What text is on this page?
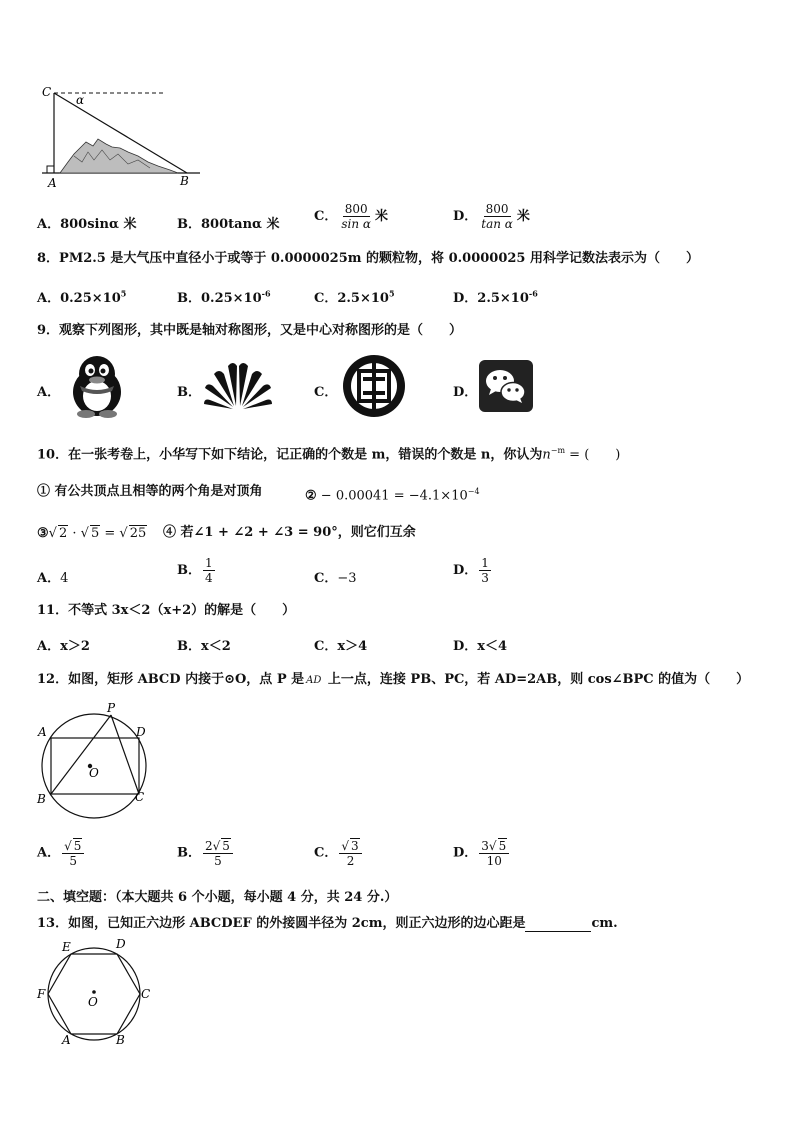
C
α
A	B
A．800sinα 米	B．800tanα 米
C． $\frac{800}{\text{sin α}}$ 米	D． $\frac{800}{\text{tan α}}$ 米
8．PM2.5 是大气压中直径小于或等于 0.0000025m 的颗粒物，将 0.0000025 用科学记数法表示为（　　）
A．$0.25\times 10^5$	B．$0.25\times 10^{-6}$	C．$2.5\times 10^5$	D．$2.5\times 10^{-6}$
9．观察下列图形，其中既是轴对称图形，又是中心对称图形的是（　　）
A．	B．	C．	D．
10．在一张考卷上，小华写下如下结论，记正确的个数是 m，错误的个数是 n，你认为$n^{-m}$ = (　　)
① 有公共顶点且相等的两个角是对顶角	② − $0.00041 = -4.1\times 10^{-4}$
③√ 2 · √ 5 = √ 25 ④ 若∠1 + ∠2 + ∠3 = 90°，则它们互余
A．4
B． $\frac{1}{4}$	C．−3
D． $\frac{1}{3}$
11．不等式 3x＜2（x+2）的解是（　　）
A．x＞2	B．x＜2	C．x＞4	D．x＜4
12．如图，矩形 ABCD 内接于⊙O，点 P 是 AD 上一点，连接 PB、PC，若 AD=2AB，则 cos∠BPC 的值为（　　）
P
A	D
O
B	C
A． $\frac{√ 5}{5}$	B． $\frac{2√ 5}{5}$	C． $\frac{√ 3}{2}$	D． $\frac{3√ 5}{10}$
二、填空题：（本大题共 6 个小题，每小题 4 分，共 24 分.）
13．如图，已知正六边形 ABCDEF 的外接圆半径为 2cm，则正六边形的边心距是	cm.
E	D
F
O
C
A	B
